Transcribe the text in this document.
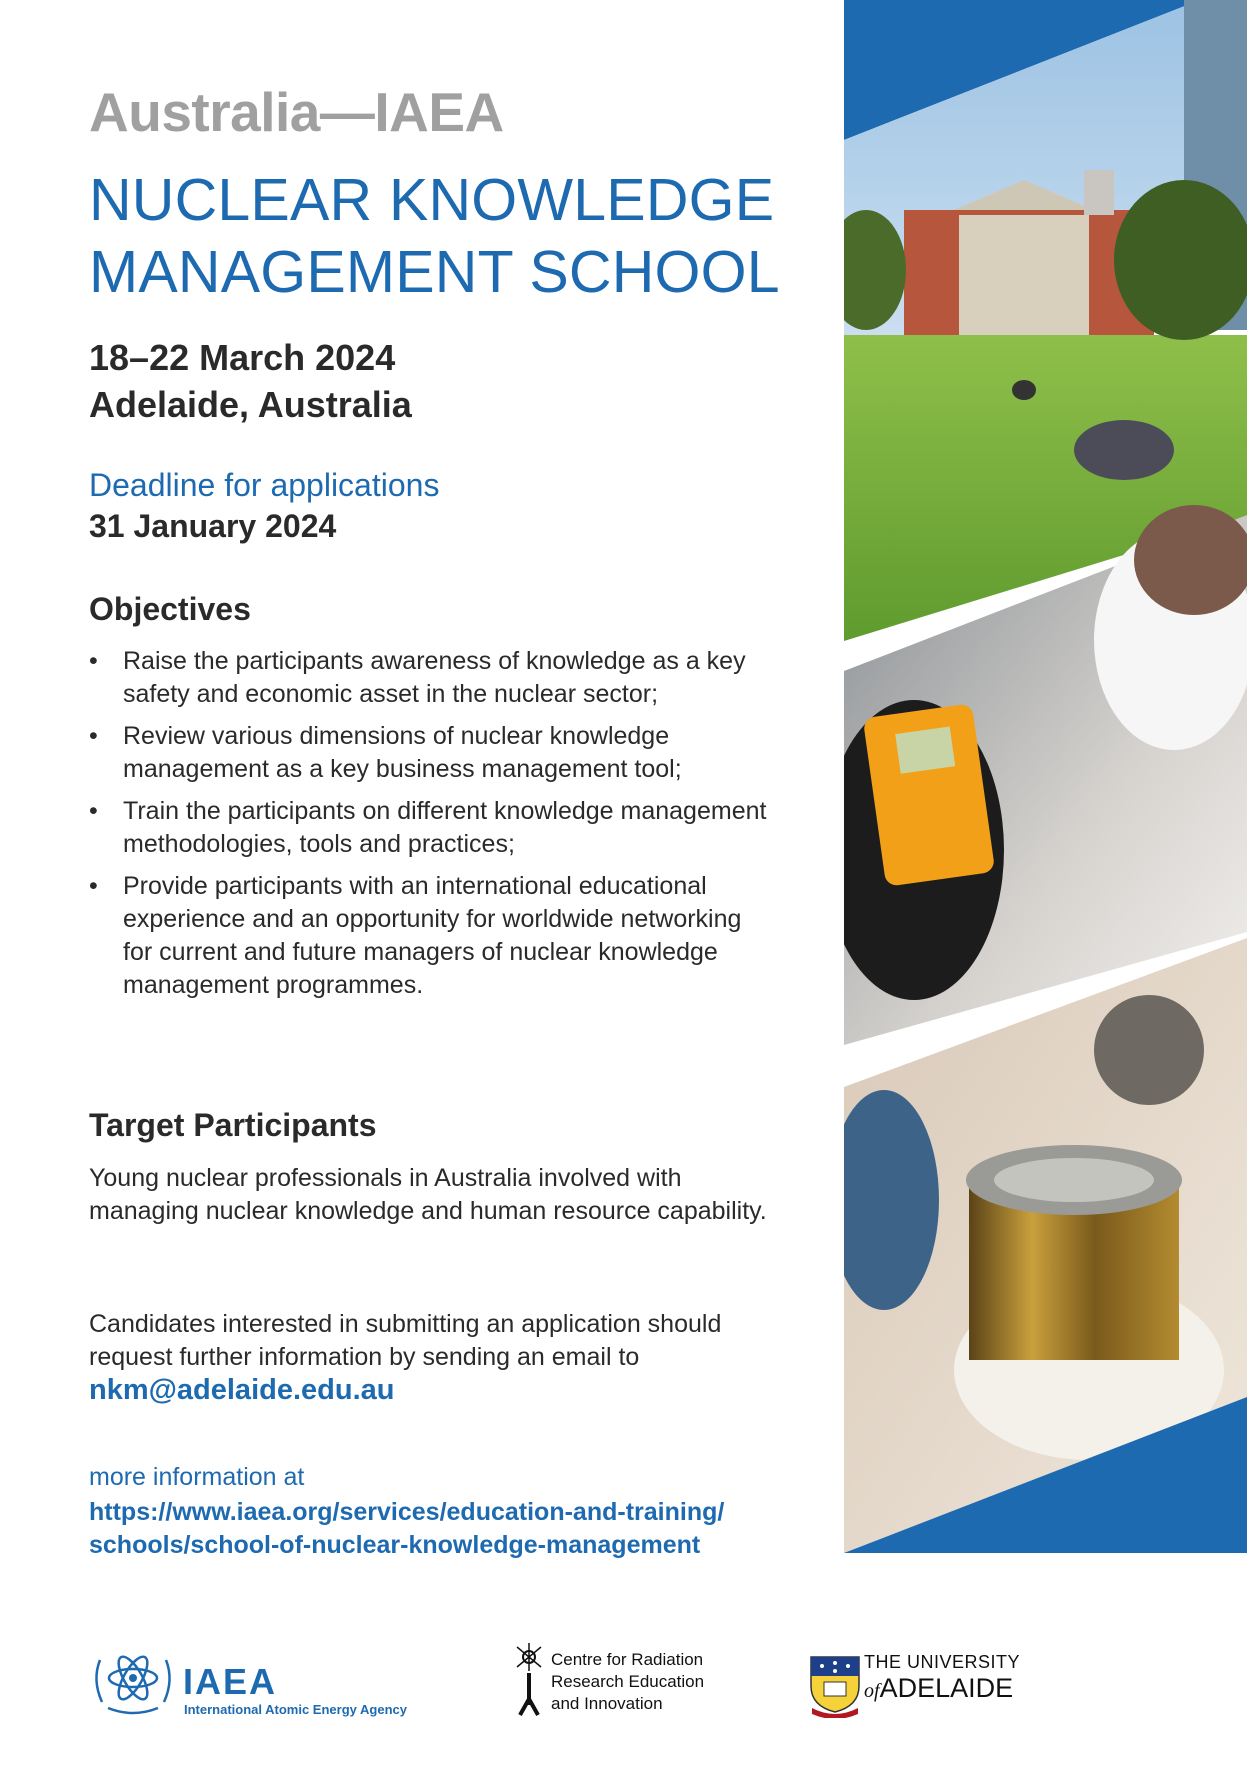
Australia—IAEA
NUCLEAR KNOWLEDGE
MANAGEMENT SCHOOL
18–22 March 2024
Adelaide, Australia
Deadline for applications
31 January 2024
Objectives
• Raise the participants awareness of knowledge as a key safety and economic asset in the nuclear sector;
• Review various dimensions of nuclear knowledge management as a key business management tool;
• Train the participants on different knowledge management methodologies, tools and practices;
• Provide participants with an international educational experience and an opportunity for worldwide networking for current and future managers of nuclear knowledge management programmes.
Target Participants
Young nuclear professionals in Australia involved with managing nuclear knowledge and human resource capability.
Candidates interested in submitting an application should request further information by sending an email to nkm@adelaide.edu.au
more information at
https://www.iaea.org/services/education-and-training/
schools/school-of-nuclear-knowledge-management
IAEA
International Atomic Energy Agency
Centre for Radiation
Research Education
and Innovation
THE UNIVERSITY
ofADELAIDE
